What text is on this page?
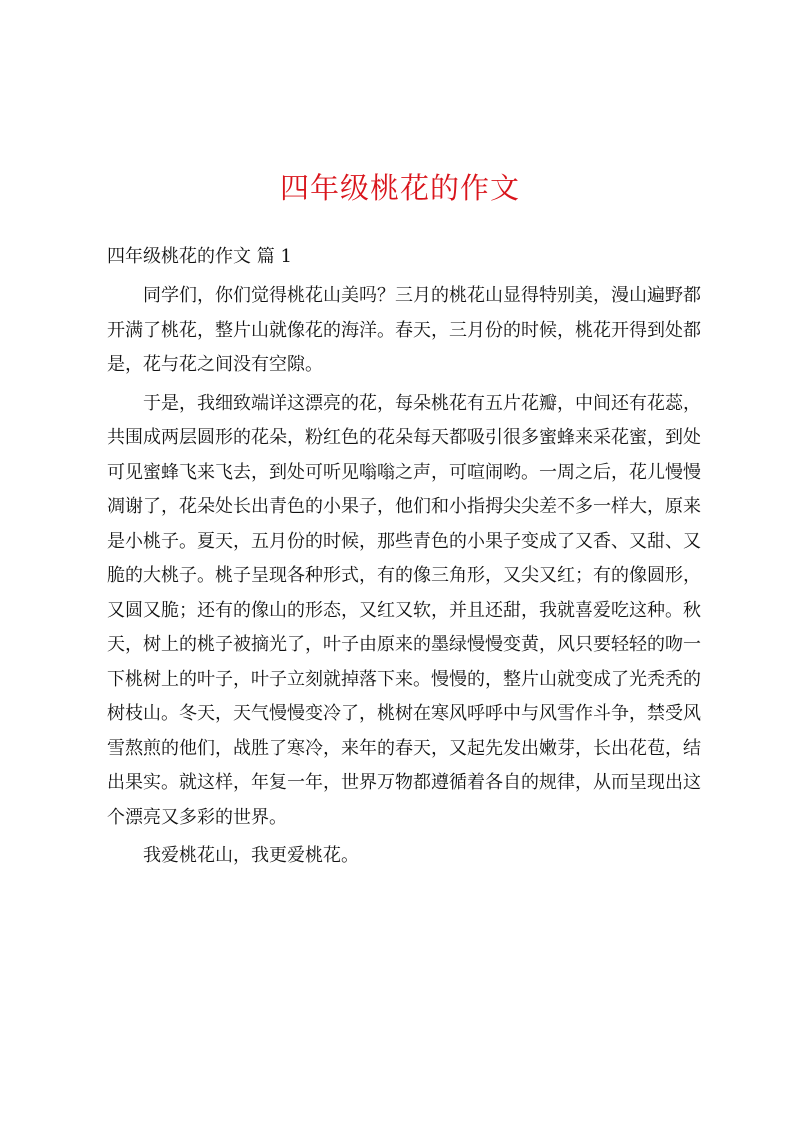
四年级桃花的作文
四年级桃花的作文 篇 1

同学们，你们觉得桃花山美吗？三月的桃花山显得特别美，漫山遍野都开满了桃花，整片山就像花的海洋。春天，三月份的时候，桃花开得到处都是，花与花之间没有空隙。

于是，我细致端详这漂亮的花，每朵桃花有五片花瓣，中间还有花蕊，共围成两层圆形的花朵，粉红色的花朵每天都吸引很多蜜蜂来采花蜜，到处可见蜜蜂飞来飞去，到处可听见嗡嗡之声，可喧闹哟。一周之后，花儿慢慢凋谢了，花朵处长出青色的小果子，他们和小指拇尖尖差不多一样大，原来是小桃子。夏天，五月份的时候，那些青色的小果子变成了又香、又甜、又脆的大桃子。桃子呈现各种形式，有的像三角形，又尖又红；有的像圆形，又圆又脆；还有的像山的形态，又红又软，并且还甜，我就喜爱吃这种。秋天，树上的桃子被摘光了，叶子由原来的墨绿慢慢变黄，风只要轻轻的吻一下桃树上的叶子，叶子立刻就掉落下来。慢慢的，整片山就变成了光秃秃的树枝山。冬天，天气慢慢变冷了，桃树在寒风呼呼中与风雪作斗争，禁受风雪熬煎的他们，战胜了寒冷，来年的春天，又起先发出嫩芽，长出花苞，结出果实。就这样，年复一年，世界万物都遵循着各自的规律，从而呈现出这个漂亮又多彩的世界。

我爱桃花山，我更爱桃花。
